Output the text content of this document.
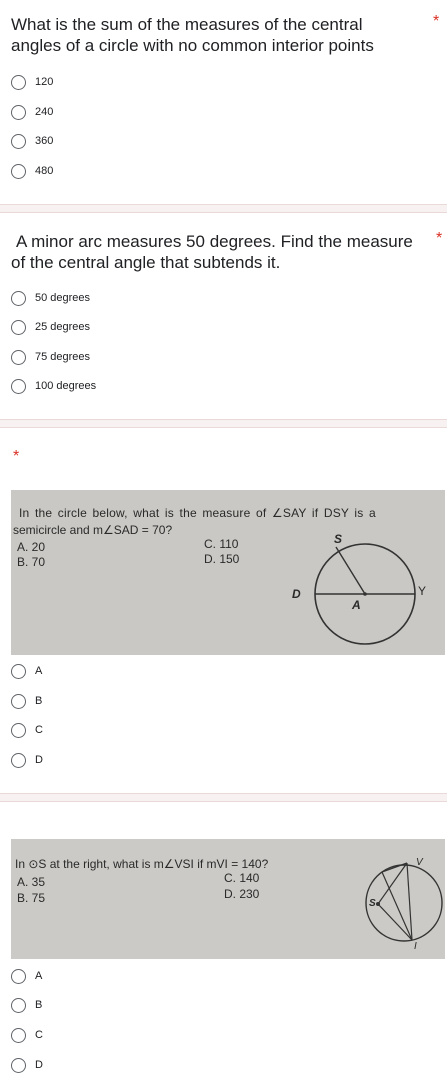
What is the sum of the measures of the central
angles of a circle with no common interior points
*
120
240
360
480
A minor arc measures 50 degrees. Find the measure
of the central angle that subtends it.
*
50 degrees
25 degrees
75 degrees
100 degrees
*
In the circle below, what is the measure of ∠SAY if DSY is a
semicircle and m∠SAD = 70?
A. 20
B. 70
C. 110
D. 150
S
D
A
Y
A
B
C
D
In ⊙S at the right, what is m∠VSI if mVI = 140?
A. 35
B. 75
C. 140
D. 230
V
S
I
A
B
C
D
